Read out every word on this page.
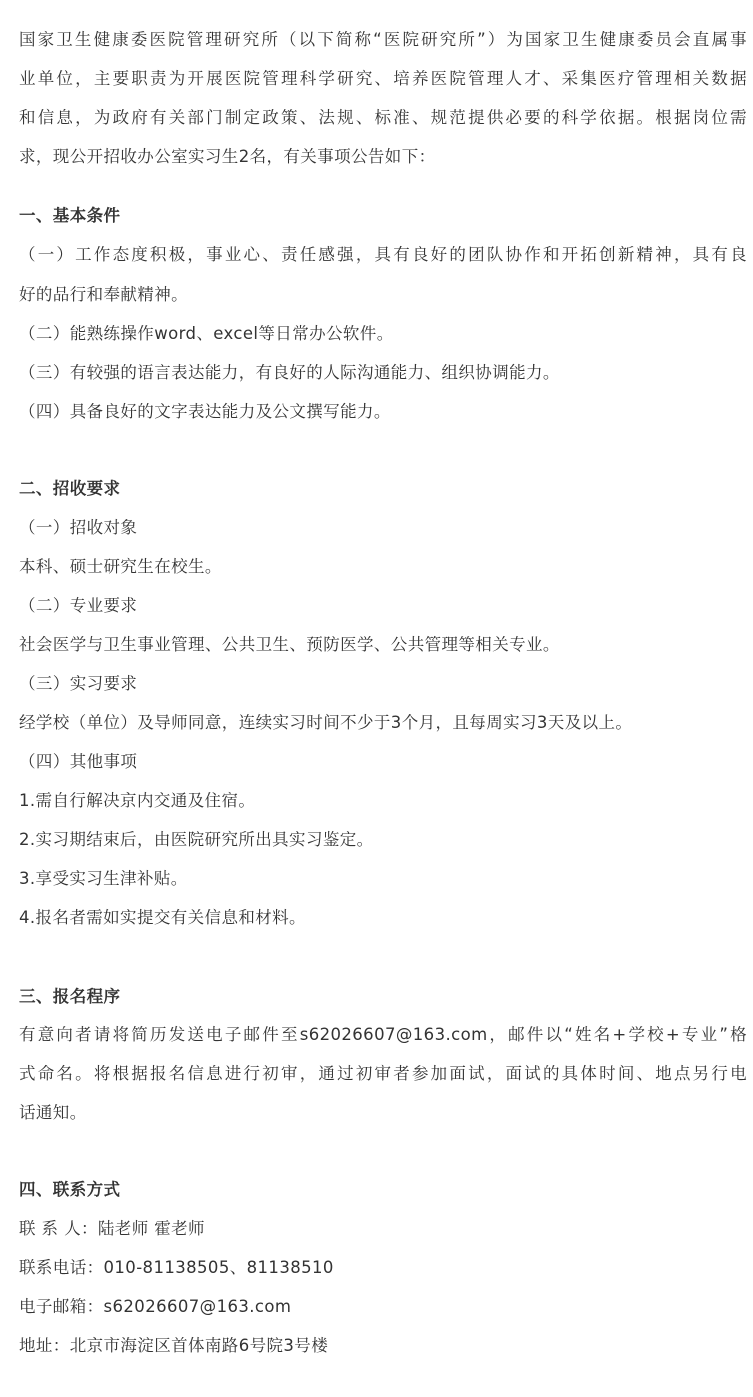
国家卫生健康委医院管理研究所（以下简称“医院研究所”）为国家卫生健康委员会直属事
业单位，主要职责为开展医院管理科学研究、培养医院管理人才、采集医疗管理相关数据
和信息，为政府有关部门制定政策、法规、标准、规范提供必要的科学依据。根据岗位需
求，现公开招收办公室实习生2名，有关事项公告如下：
一、基本条件
（一）工作态度积极，事业心、责任感强，具有良好的团队协作和开拓创新精神，具有良
好的品行和奉献精神。
（二）能熟练操作word、excel等日常办公软件。
（三）有较强的语言表达能力，有良好的人际沟通能力、组织协调能力。
（四）具备良好的文字表达能力及公文撰写能力。
二、招收要求
（一）招收对象
本科、硕士研究生在校生。
（二）专业要求
社会医学与卫生事业管理、公共卫生、预防医学、公共管理等相关专业。
（三）实习要求
经学校（单位）及导师同意，连续实习时间不少于3个月，且每周实习3天及以上。
（四）其他事项
1.需自行解决京内交通及住宿。
2.实习期结束后，由医院研究所出具实习鉴定。
3.享受实习生津补贴。
4.报名者需如实提交有关信息和材料。
三、报名程序
有意向者请将简历发送电子邮件至s62026607@163.com，邮件以“姓名+学校+专业”格
式命名。将根据报名信息进行初审，通过初审者参加面试，面试的具体时间、地点另行电
话通知。
四、联系方式
联 系 人：陆老师 霍老师
联系电话：010-81138505、81138510
电子邮箱：s62026607@163.com
地址：北京市海淀区首体南路6号院3号楼
